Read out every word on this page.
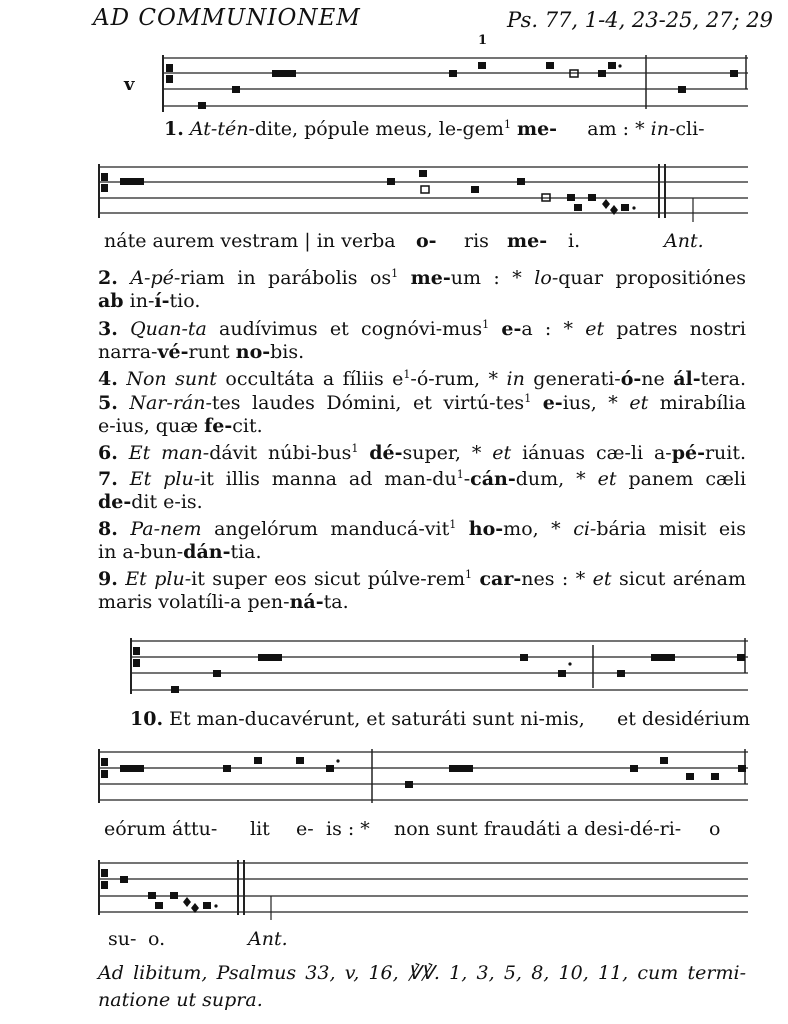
AD COMMUNIONEM	Ps. 77, 1-4, 23-25, 27; 29
1
v
1. At-tén-dite, pópule meus, le-gem$^1$ me- am : * in-cli-
náte aurem vestram | in verba o- ris me- i.	Ant.
2. A-pé-riam in parábolis $os^1$ me-um : * lo-quar propositiónes
ab in-í-tio.
3. Quan-ta audívimus et cognóvi-mus$^1$ e-a : * et patres nostri
narra-vé-runt no-bis.
4. Non sunt occultáta a fíliis $e^1-ó$-rum, * in generati-ó-ne ál-tera.
5. Nar-rán-tes laudes Dómini, et virtú-tes$^1$ e-ius, * et mirabília
e-ius, quæ fe-cit.
6. Et man-dávit núbi-bus$^1$ dé-super, * et iánuas cæ-li a-pé-ruit.
7. Et plu-it illis manna ad man-$du^1-cán$-dum, * et panem cæli
de-dit e-is.
8. Pa-nem angelórum manducá-vit$^1$ ho-mo, * ci-bária misit eis
in a-bun-dán-tia.
9. Et plu-it super eos sicut púlve-rem$^1$ car-nes : * et sicut arénam
maris volatíli-a pen-ná-ta.
10. Et man-ducavérunt, et saturáti sunt ni-mis, et desidérium
eórum áttu- lit e- is : * non sunt fraudáti a desi-dé-ri- o
su- o.	Ant.
Ad libitum, Psalmus 33, v, 16, ℣℣. 1, 3, 5, 8, 10, 11, cum termi-
natione ut supra.
